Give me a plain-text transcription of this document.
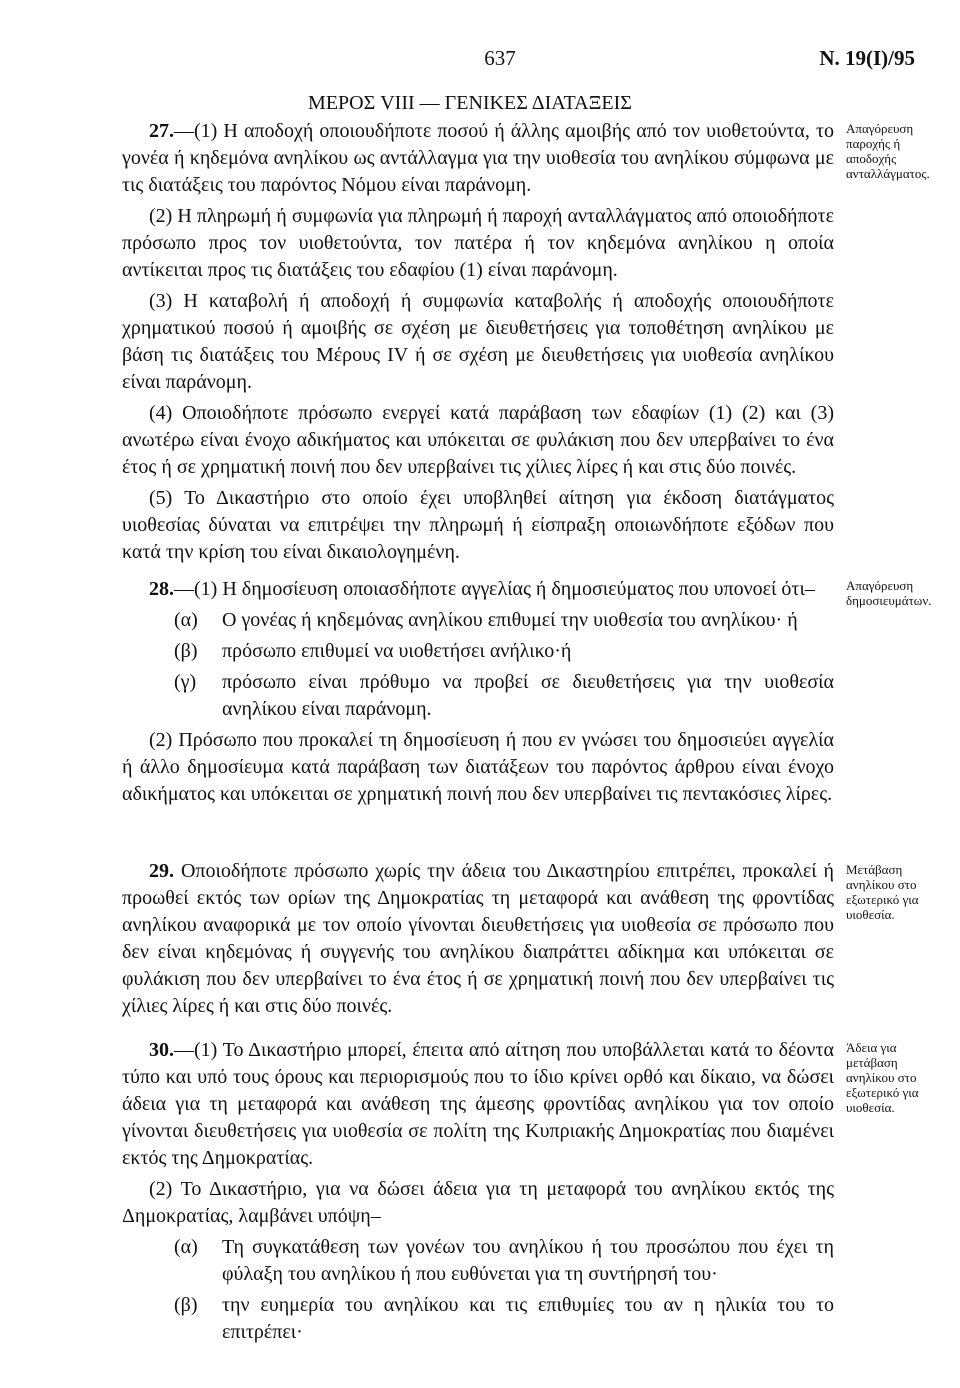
637	N. 19(I)/95
ΜΕΡΟΣ VIII — ΓΕΝΙΚΕΣ ΔΙΑΤΑΞΕΙΣ

27.—(1) Η αποδοχή οποιουδήποτε ποσού ή άλλης αμοιβής από τον υιοθετούντα, το γονέα ή κηδεμόνα ανηλίκου ως αντάλλαγμα για την υιοθεσία του ανηλίκου σύμφωνα με τις διατάξεις του παρόντος Νόμου είναι παράνομη.

(2) Η πληρωμή ή συμφωνία για πληρωμή ή παροχή ανταλλάγματος από οποιοδήποτε πρόσωπο προς τον υιοθετούντα, τον πατέρα ή τον κηδεμόνα ανηλίκου η οποία αντίκειται προς τις διατάξεις του εδαφίου (1) είναι παράνομη.

(3) Η καταβολή ή αποδοχή ή συμφωνία καταβολής ή αποδοχής οποιουδήποτε χρηματικού ποσού ή αμοιβής σε σχέση με διευθετήσεις για τοποθέτηση ανηλίκου με βάση τις διατάξεις του Μέρους IV ή σε σχέση με διευθετήσεις για υιοθεσία ανηλίκου είναι παράνομη.

(4) Οποιοδήποτε πρόσωπο ενεργεί κατά παράβαση των εδαφίων (1) (2) και (3) ανωτέρω είναι ένοχο αδικήματος και υπόκειται σε φυλάκιση που δεν υπερβαίνει το ένα έτος ή σε χρηματική ποινή που δεν υπερβαίνει τις χίλιες λίρες ή και στις δύο ποινές.

(5) Το Δικαστήριο στο οποίο έχει υποβληθεί αίτηση για έκδοση διατάγματος υιοθεσίας δύναται να επιτρέψει την πληρωμή ή είσπραξη οποιωνδήποτε εξόδων που κατά την κρίση του είναι δικαιολογημένη.

Απαγόρευση παροχής ή αποδοχής ανταλλάγματος.

28.—(1) Η δημοσίευση οποιασδήποτε αγγελίας ή δημοσιεύματος που υπονοεί ότι–

(α) Ο γονέας ή κηδεμόνας ανηλίκου επιθυμεί την υιοθεσία του ανηλίκου· ή

(β) πρόσωπο επιθυμεί να υιοθετήσει ανήλικο·ή

(γ) πρόσωπο είναι πρόθυμο να προβεί σε διευθετήσεις για την υιοθεσία ανηλίκου είναι παράνομη.

(2) Πρόσωπο που προκαλεί τη δημοσίευση ή που εν γνώσει του δημοσιεύει αγγελία ή άλλο δημοσίευμα κατά παράβαση των διατάξεων του παρόντος άρθρου είναι ένοχο αδικήματος και υπόκειται σε χρηματική ποινή που δεν υπερβαίνει τις πεντακόσιες λίρες.

Απαγόρευση δημοσιευμάτων.

29. Οποιοδήποτε πρόσωπο χωρίς την άδεια του Δικαστηρίου επιτρέπει, προκαλεί ή προωθεί εκτός των ορίων της Δημοκρατίας τη μεταφορά και ανάθεση της φροντίδας ανηλίκου αναφορικά με τον οποίο γίνονται διευθετήσεις για υιοθεσία σε πρόσωπο που δεν είναι κηδεμόνας ή συγγενής του ανηλίκου διαπράττει αδίκημα και υπόκειται σε φυλάκιση που δεν υπερβαίνει το ένα έτος ή σε χρηματική ποινή που δεν υπερβαίνει τις χίλιες λίρες ή και στις δύο ποινές.

Μετάβαση ανηλίκου στο εξωτερικό για υιοθεσία.

30.—(1) Το Δικαστήριο μπορεί, έπειτα από αίτηση που υποβάλλεται κατά το δέοντα τύπο και υπό τους όρους και περιορισμούς που το ίδιο κρίνει ορθό και δίκαιο, να δώσει άδεια για τη μεταφορά και ανάθεση της άμεσης φροντίδας ανηλίκου για τον οποίο γίνονται διευθετήσεις για υιοθεσία σε πολίτη της Κυπριακής Δημοκρατίας που διαμένει εκτός της Δημοκρατίας.

(2) Το Δικαστήριο, για να δώσει άδεια για τη μεταφορά του ανηλίκου εκτός της Δημοκρατίας, λαμβάνει υπόψη–

(α) Τη συγκατάθεση των γονέων του ανηλίκου ή του προσώπου που έχει τη φύλαξη του ανηλίκου ή που ευθύνεται για τη συντήρησή του·

(β) την ευημερία του ανηλίκου και τις επιθυμίες του αν η ηλικία του το επιτρέπει·

Άδεια για μετάβαση ανηλίκου στο εξωτερικό για υιοθεσία.
